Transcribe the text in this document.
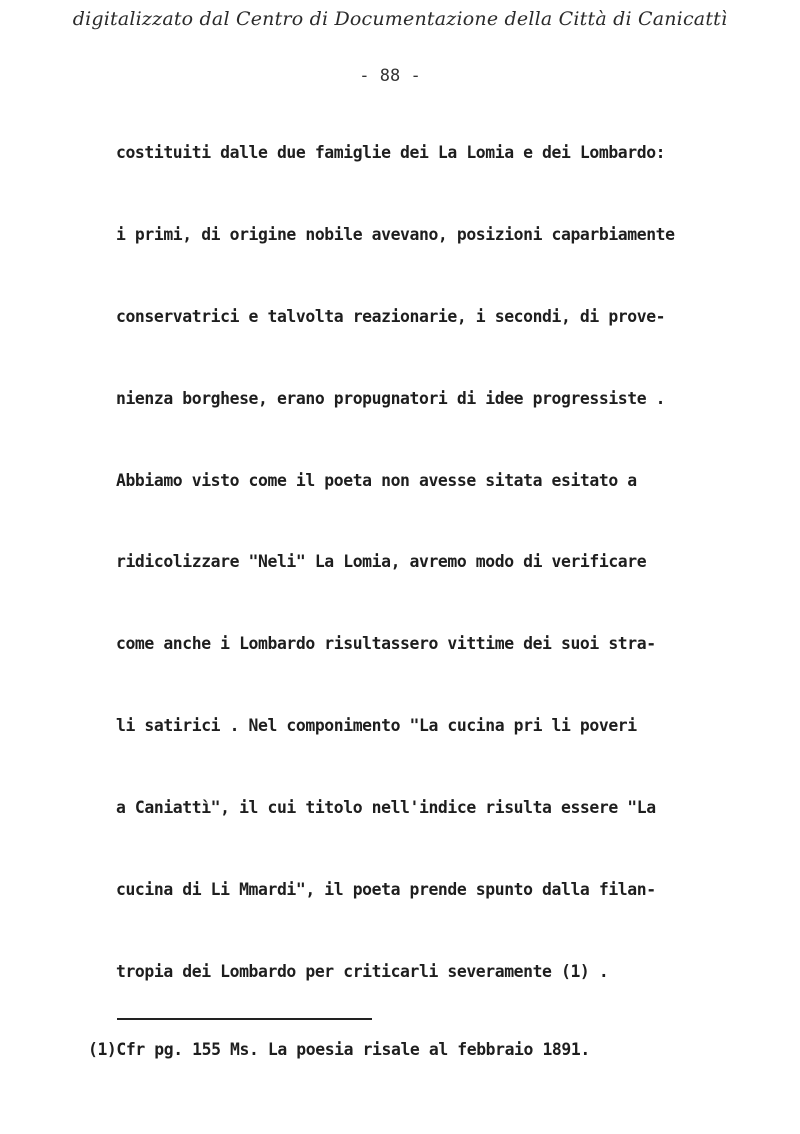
digitalizzato dal Centro di Documentazione della Città di Canicattì
- 88 -
costituiti dalle due famiglie dei La Lomia e dei Lombardo:
i primi, di origine nobile avevano, posizioni caparbiamente
conservatrici e talvolta reazionarie, i secondi, di prove-
nienza borghese, erano propugnatori di idee progressiste .
Abbiamo visto come il poeta non avesse sitata esitato a
ridicolizzare "Neli" La Lomia, avremo modo di verificare
come anche i Lombardo risultassero vittime dei suoi stra-
li satirici . Nel componimento "La cucina pri li poveri
a Caniattì", il cui titolo nell'indice risulta essere "La
cucina di Li Mmardi", il poeta prende spunto dalla filan-
tropia dei Lombardo per criticarli severamente (1) .
(1)Cfr pg. 155 Ms. La poesia risale al febbraio 1891.
